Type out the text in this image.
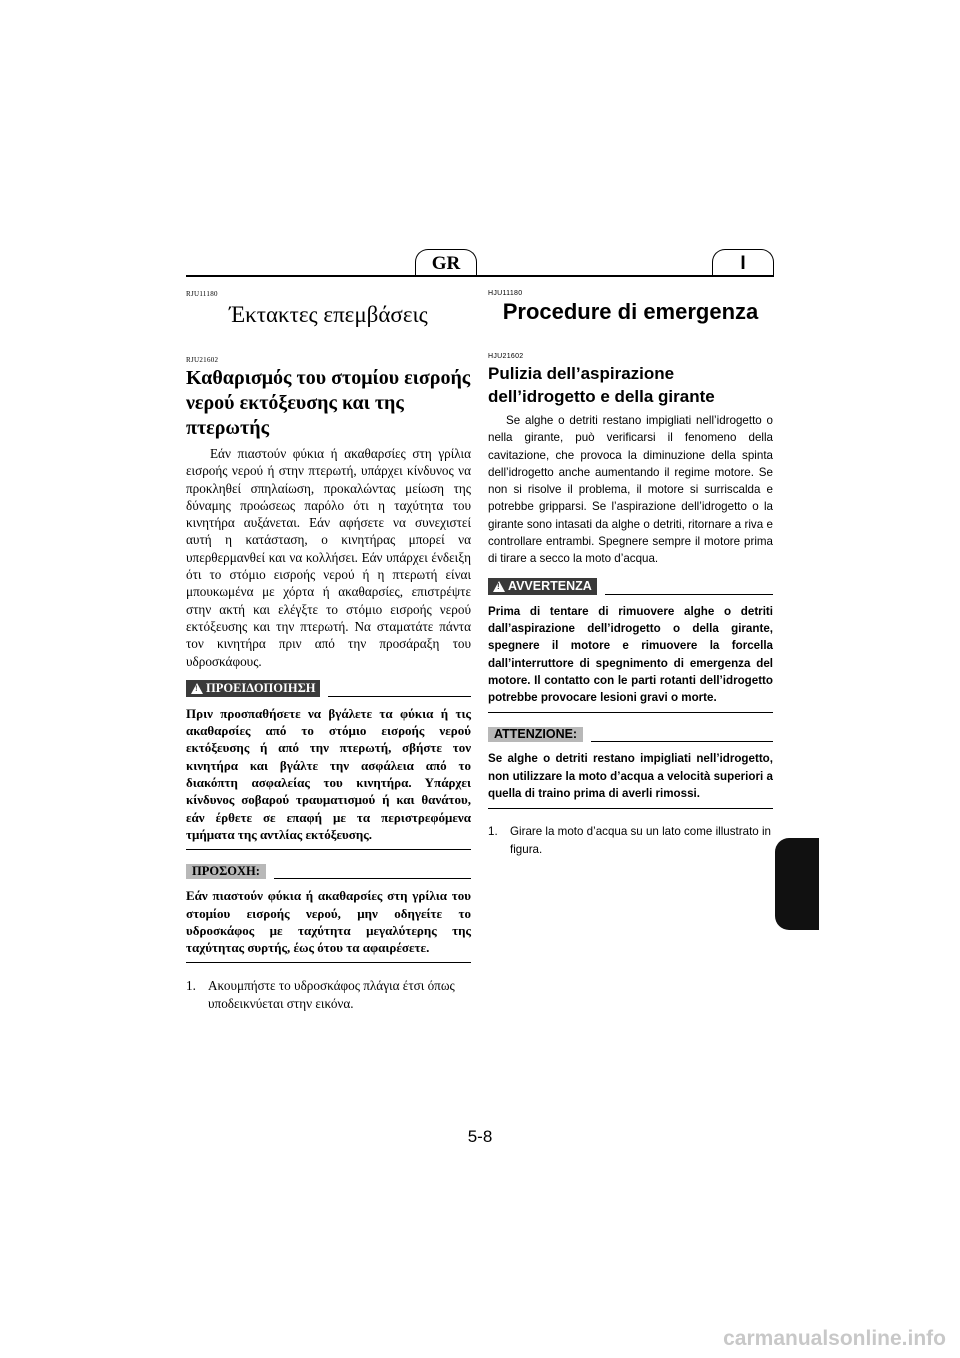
GR	I

RJU11180

Έκτακτες επεμβάσεις

RJU21602

Καθαρισμός του στομίου εισροής νερού εκτόξευσης και της πτερωτής

Εάν πιαστούν φύκια ή ακαθαρσίες στη γρίλια εισροής νερού ή στην πτερωτή, υπάρχει κίνδυνος να προκληθεί σπηλαίωση, προκαλώντας μείωση της δύναμης προώσεως παρόλο ότι η ταχύτητα του κινητήρα αυξάνεται. Εάν αφήσετε να συνεχιστεί αυτή η κατάσταση, ο κινητήρας μπορεί να υπερθερμανθεί και να κολλήσει. Εάν υπάρχει ένδειξη ότι το στόμιο εισροής νερού ή η πτερωτή είναι μπουκωμένα με χόρτα ή ακαθαρσίες, επιστρέψτε στην ακτή και ελέγξτε το στόμιο εισροής νερού εκτόξευσης και την πτερωτή. Να σταματάτε πάντα τον κινητήρα πριν από την προσάραξη του υδροσκάφους.

!
ΠΡΟΕΙΔΟΠΟΙΗΣΗ

Πριν προσπαθήσετε να βγάλετε τα φύκια ή τις ακαθαρσίες από το στόμιο εισροής νερού εκτόξευσης ή από την πτερωτή, σβήστε τον κινητήρα και βγάλτε την ασφάλεια από το διακόπτη ασφαλείας του κινητήρα. Υπάρχει κίνδυνος σοβαρού τραυματισμού ή και θανάτου, εάν έρθετε σε επαφή με τα περιστρεφόμενα τμήματα της αντλίας εκτόξευσης.

ΠΡΟΣΟΧΗ:

Εάν πιαστούν φύκια ή ακαθαρσίες στη γρίλια του στομίου εισροής νερού, μην οδηγείτε το υδροσκάφος με ταχύτητα μεγαλύτερης της ταχύτητας συρτής, έως ότου τα αφαιρέσετε.

1. Ακουμπήστε το υδροσκάφος πλάγια έτσι όπως υποδεικνύεται στην εικόνα.

HJU11180

Procedure di emergenza

HJU21602

Pulizia dell’aspirazione dell’idrogetto e della girante

Se alghe o detriti restano impigliati nell’idrogetto o nella girante, può verificarsi il fenomeno della cavitazione, che provoca la diminuzione della spinta dell’idrogetto anche aumentando il regime motore. Se non si risolve il problema, il motore si surriscalda e potrebbe gripparsi. Se l’aspirazione dell’idrogetto o la girante sono intasati da alghe o detriti, ritornare a riva e controllare entrambi. Spegnere sempre il motore prima di tirare a secco la moto d’acqua.

!
AVVERTENZA

Prima di tentare di rimuovere alghe o detriti dall’aspirazione dell’idrogetto o della girante, spegnere il motore e rimuovere la forcella dall’interruttore di spegnimento di emergenza del motore. Il contatto con le parti rotanti dell’idrogetto potrebbe provocare lesioni gravi o morte.

ATTENZIONE:

Se alghe o detriti restano impigliati nell’idrogetto, non utilizzare la moto d’acqua a velocità superiori a quella di traino prima di averli rimossi.

1.	Girare la moto d’acqua su un lato come illustrato in figura.
5-8
carmanualsonline.info
